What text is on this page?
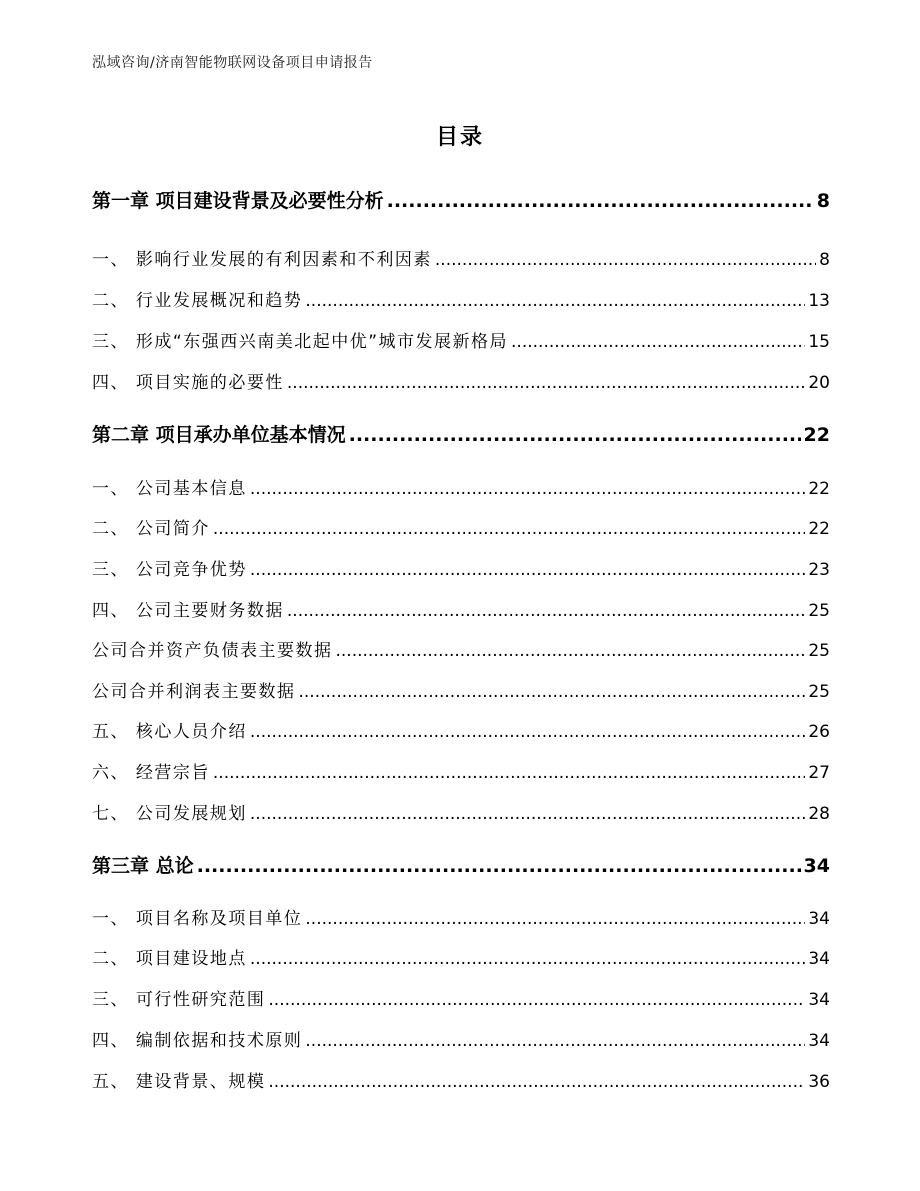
泓域咨询/济南智能物联网设备项目申请报告
目录
第一章 项目建设背景及必要性分析 .....	8
一、 影响行业发展的有利因素和不利因素 .....	8
二、 行业发展概况和趋势 .....	13
三、 形成“东强西兴南美北起中优”城市发展新格局 .....	15
四、 项目实施的必要性 .....	20
第二章 项目承办单位基本情况 .....	22
一、 公司基本信息 .....	22
二、 公司简介 .....	22
三、 公司竞争优势 .....	23
四、 公司主要财务数据 .....	25
公司合并资产负债表主要数据 .....	25
公司合并利润表主要数据 .....	25
五、 核心人员介绍 .....	26
六、 经营宗旨 .....	27
七、 公司发展规划 .....	28
第三章 总论 .....	34
一、 项目名称及项目单位 .....	34
二、 项目建设地点 .....	34
三、 可行性研究范围 .....	34
四、 编制依据和技术原则 .....	34
五、 建设背景、规模 .....	36
